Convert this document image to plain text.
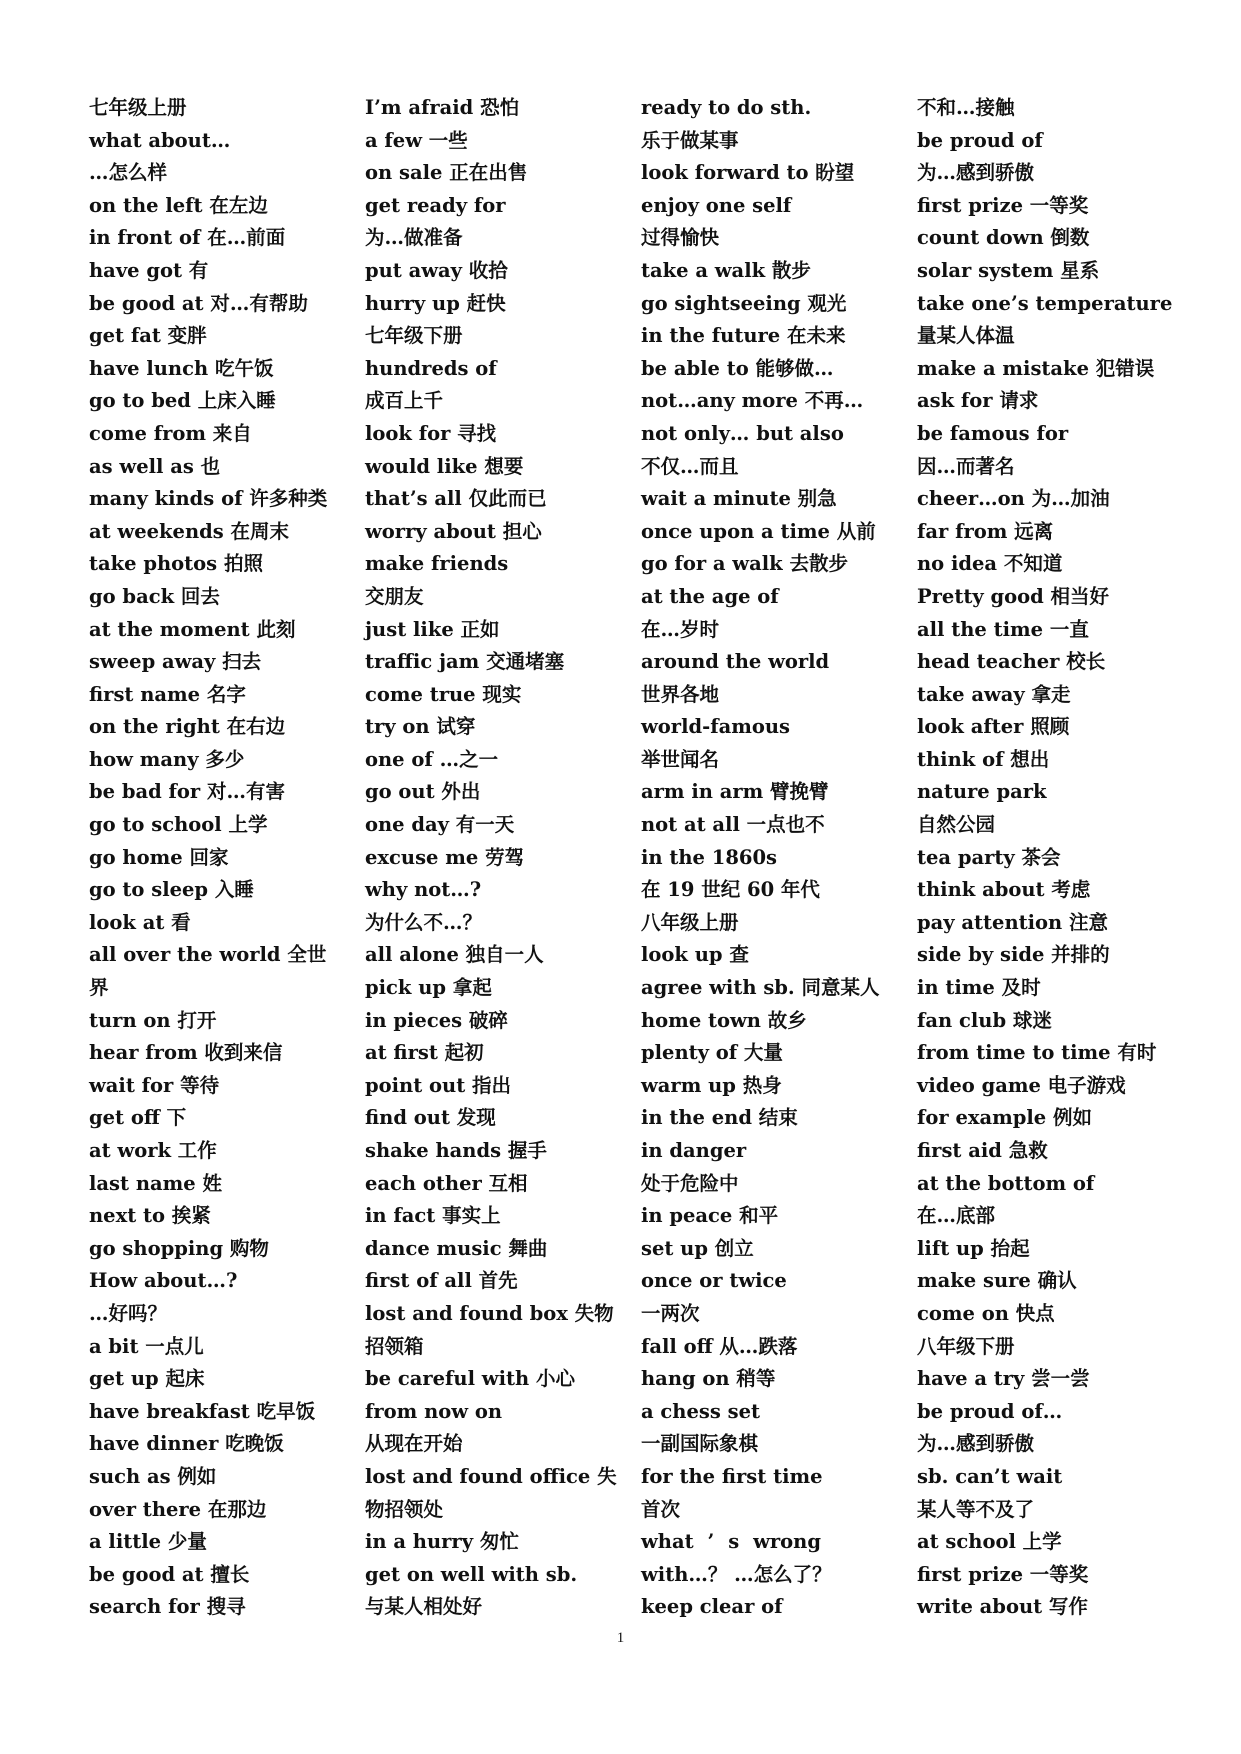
七年级上册
what about…
…怎么样
on the left 在左边
in front of 在…前面
have got 有
be good at 对…有帮助
get fat 变胖
have lunch 吃午饭
go to bed 上床入睡
come from 来自
as well as 也
many kinds of 许多种类
at weekends 在周末
take photos 拍照
go back 回去
at the moment 此刻
sweep away 扫去
first name 名字
on the right 在右边
how many 多少
be bad for 对…有害
go to school 上学
go home 回家
go to sleep 入睡
look at 看
all over the world 全世
界
turn on 打开
hear from 收到来信
wait for 等待
get off 下
at work 工作
last name 姓
next to 挨紧
go shopping 购物
How about…?
…好吗？
a bit 一点儿
get up 起床
have breakfast 吃早饭
have dinner 吃晚饭
such as 例如
over there 在那边
a little 少量
be good at 擅长
search for 搜寻
I’m afraid 恐怕
a few 一些
on sale 正在出售
get ready for
为…做准备
put away 收拾
hurry up 赶快
七年级下册
hundreds of
成百上千
look for 寻找
would like 想要
that’s all 仅此而已
worry about 担心
make friends
交朋友
just like 正如
traffic jam 交通堵塞
come true 现实
try on 试穿
one of …之一
go out 外出
one day 有一天
excuse me 劳驾
why not…?
为什么不…？
all alone 独自一人
pick up 拿起
in pieces 破碎
at first 起初
point out 指出
find out 发现
shake hands 握手
each other 互相
in fact 事实上
dance music 舞曲
first of all 首先
lost and found box 失物
招领箱
be careful with 小心
from now on
从现在开始
lost and found office 失
物招领处
in a hurry 匆忙
get on well with sb.
与某人相处好
ready to do sth.
乐于做某事
look forward to 盼望
enjoy one self
过得愉快
take a walk 散步
go sightseeing 观光
in the future 在未来
be able to 能够做…
not…any more 不再…
not only… but also
不仅…而且
wait a minute 别急
once upon a time 从前
go for a walk 去散步
at the age of
在…岁时
around the world
世界各地
world-famous
举世闻名
arm in arm 臂挽臂
not at all 一点也不
in the 1860s
在 19 世纪 60 年代
八年级上册
look up 查
agree with sb. 同意某人
home town 故乡
plenty of 大量
warm up 热身
in the end 结束
in danger
处于危险中
in peace 和平
set up 创立
once or twice
一两次
fall off 从…跌落
hang on 稍等
a chess set
一副国际象棋
for the first time
首次
what ’ s wrong
with…？ …怎么了？
keep clear of
不和…接触
be proud of
为…感到骄傲
first prize 一等奖
count down 倒数
solar system 星系
take one’s temperature
量某人体温
make a mistake 犯错误
ask for 请求
be famous for
因…而著名
cheer…on 为…加油
far from 远离
no idea 不知道
Pretty good 相当好
all the time 一直
head teacher 校长
take away 拿走
look after 照顾
think of 想出
nature park
自然公园
tea party 茶会
think about 考虑
pay attention 注意
side by side 并排的
in time 及时
fan club 球迷
from time to time 有时
video game 电子游戏
for example 例如
first aid 急救
at the bottom of
在…底部
lift up 抬起
make sure 确认
come on 快点
八年级下册
have a try 尝一尝
be proud of…
为…感到骄傲
sb. can’t wait
某人等不及了
at school 上学
first prize 一等奖
write about 写作
1
